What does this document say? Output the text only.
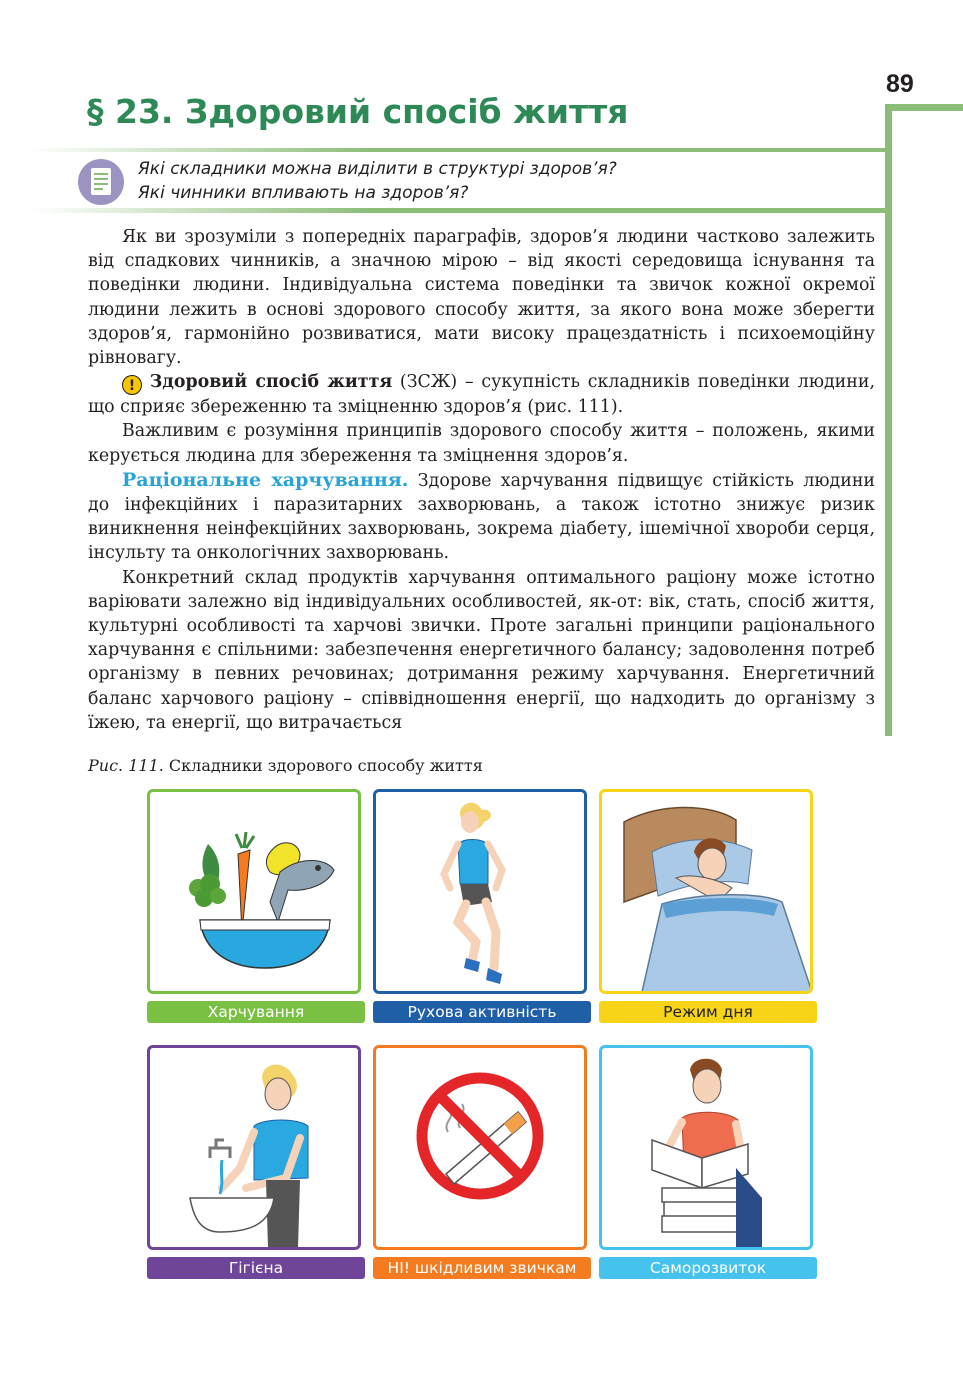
89
§ 23. Здоровий спосіб життя
Які складники можна виділити в структурі здоров’я?
Які чинники впливають на здоров’я?

Як ви зрозуміли з попередніх параграфів, здоров’я людини частково залежить від спадкових чинників, а значною мірою – від якості середовища існування та поведінки людини. Індивідуальна система поведінки та звичок кожної окремої людини лежить в основі здорового способу життя, за якого вона може зберегти здоров’я, гармонійно розвиватися, мати високу працездатність і психоемоційну рівновагу.

! Здоровий спосіб життя (ЗСЖ) – сукупність складників поведінки людини, що сприяє збереженню та зміцненню здоров’я (рис. 111).

Важливим є розуміння принципів здорового способу життя – положень, якими керується людина для збереження та зміцнення здоров’я.

Раціональне харчування. Здорове харчування підвищує стійкість людини до інфекційних і паразитарних захворювань, а також істотно знижує ризик виникнення неінфекційних захворювань, зокрема діабету, ішемічної хвороби серця, інсульту та онкологічних захворювань.

Конкретний склад продуктів харчування оптимального раціону може істотно варіювати залежно від індивідуальних особливостей, як-от: вік, стать, спосіб життя, культурні особливості та харчові звички. Проте загальні принципи раціонального харчування є спільними: забезпечення енергетичного балансу; задоволення потреб організму в певних речовинах; дотримання режиму харчування. Енергетичний баланс харчового раціону – співвідношення енергії, що надходить до організму з їжею, та енергії, що витрачається

Рис. 111. Складники здорового способу життя
Харчування	Рухова активність	Режим дня
Гігієна	НІ! шкідливим звичкам	Саморозвиток
